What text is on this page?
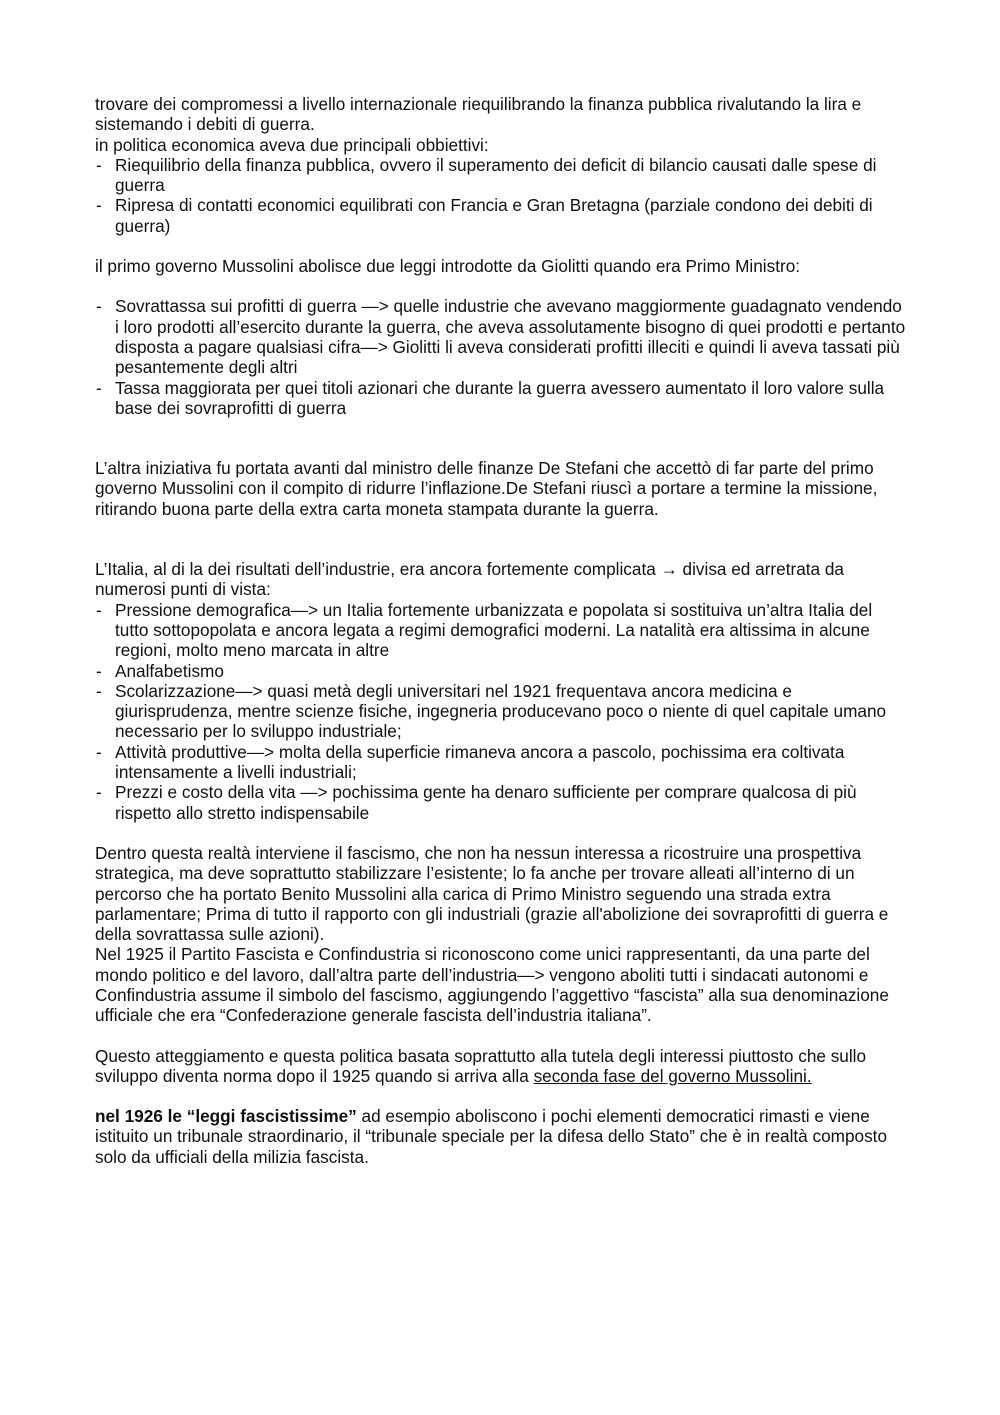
trovare dei compromessi a livello internazionale riequilibrando la finanza pubblica rivalutando la lira e sistemando i debiti di guerra.

in politica economica aveva due principali obbiettivi:

- Riequilibrio della finanza pubblica, ovvero il superamento dei deficit di bilancio causati dalle spese di guerra
- Ripresa di contatti economici equilibrati con Francia e Gran Bretagna (parziale condono dei debiti di guerra)

il primo governo Mussolini abolisce due leggi introdotte da Giolitti quando era Primo Ministro:

- Sovrattassa sui profitti di guerra —> quelle industrie che avevano maggiormente guadagnato vendendo i loro prodotti all’esercito durante la guerra, che aveva assolutamente bisogno di quei prodotti e pertanto disposta a pagare qualsiasi cifra—> Giolitti li aveva considerati profitti illeciti e quindi li aveva tassati più pesantemente degli altri
- Tassa maggiorata per quei titoli azionari che durante la guerra avessero aumentato il loro valore sulla base dei sovraprofitti di guerra

L’altra iniziativa fu portata avanti dal ministro delle finanze De Stefani che accettò di far parte del primo governo Mussolini con il compito di ridurre l’inflazione.De Stefani riuscì a portare a termine la missione, ritirando buona parte della extra carta moneta stampata durante la guerra.

L’Italia, al di la dei risultati dell’industrie, era ancora fortemente complicata → divisa ed arretrata da numerosi punti di vista:

- Pressione demografica—> un Italia fortemente urbanizzata e popolata si sostituiva un’altra Italia del tutto sottopopolata e ancora legata a regimi demografici moderni. La natalità era altissima in alcune regioni, molto meno marcata in altre
- Analfabetismo
- Scolarizzazione—> quasi metà degli universitari nel 1921 frequentava ancora medicina e giurisprudenza, mentre scienze fisiche, ingegneria producevano poco o niente di quel capitale umano necessario per lo sviluppo industriale;
- Attività produttive—> molta della superficie rimaneva ancora a pascolo, pochissima era coltivata intensamente a livelli industriali;
- Prezzi e costo della vita —> pochissima gente ha denaro sufficiente per comprare qualcosa di più rispetto allo stretto indispensabile

Dentro questa realtà interviene il fascismo, che non ha nessun interessa a ricostruire una prospettiva strategica, ma deve soprattutto stabilizzare l’esistente; lo fa anche per trovare alleati all’interno di un percorso che ha portato Benito Mussolini alla carica di Primo Ministro seguendo una strada extra parlamentare; Prima di tutto il rapporto con gli industriali (grazie all'abolizione dei sovraprofitti di guerra e della sovrattassa sulle azioni).

Nel 1925 il Partito Fascista e Confindustria si riconoscono come unici rappresentanti, da una parte del mondo politico e del lavoro, dall’altra parte dell’industria—> vengono aboliti tutti i sindacati autonomi e Confindustria assume il simbolo del fascismo, aggiungendo l’aggettivo “fascista” alla sua denominazione ufficiale che era “Confederazione generale fascista dell’industria italiana”.

Questo atteggiamento e questa politica basata soprattutto alla tutela degli interessi piuttosto che sullo sviluppo diventa norma dopo il 1925 quando si arriva alla seconda fase del governo Mussolini.

nel 1926 le “leggi fascistissime” ad esempio aboliscono i pochi elementi democratici rimasti e viene istituito un tribunale straordinario, il “tribunale speciale per la difesa dello Stato” che è in realtà composto solo da ufficiali della milizia fascista.
